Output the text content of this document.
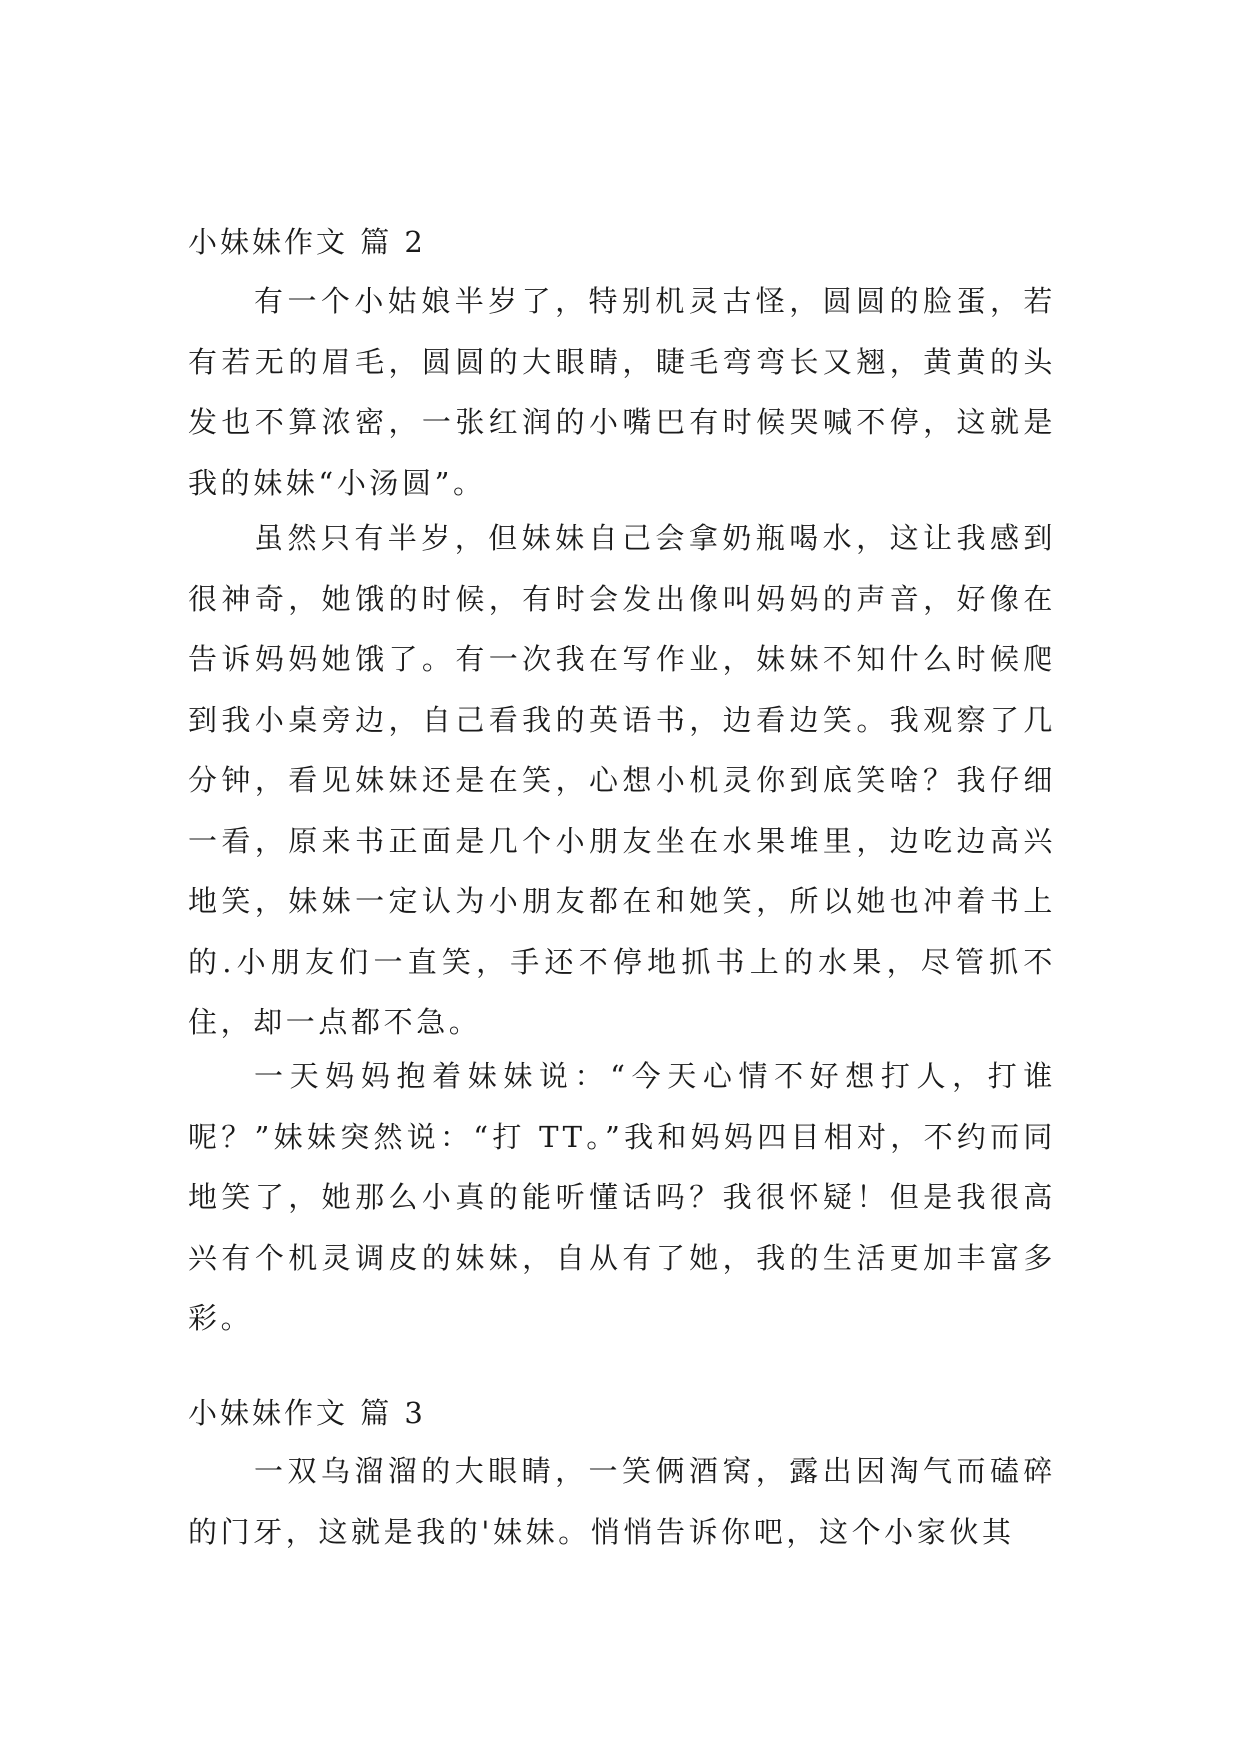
小妹妹作文 篇 2

有一个小姑娘半岁了，特别机灵古怪，圆圆的脸蛋，若有若无的眉毛，圆圆的大眼睛，睫毛弯弯长又翘，黄黄的头发也不算浓密，一张红润的小嘴巴有时候哭喊不停，这就是我的妹妹“小汤圆”。

虽然只有半岁，但妹妹自己会拿奶瓶喝水，这让我感到很神奇，她饿的时候，有时会发出像叫妈妈的声音，好像在告诉妈妈她饿了。有一次我在写作业，妹妹不知什么时候爬到我小桌旁边，自己看我的英语书，边看边笑。我观察了几分钟，看见妹妹还是在笑，心想小机灵你到底笑啥？我仔细一看，原来书正面是几个小朋友坐在水果堆里，边吃边高兴地笑，妹妹一定认为小朋友都在和她笑，所以她也冲着书上的.小朋友们一直笑，手还不停地抓书上的水果，尽管抓不住，却一点都不急。

一天妈妈抱着妹妹说：“今天心情不好想打人，打谁呢？”妹妹突然说：“打 TT。”我和妈妈四目相对，不约而同地笑了，她那么小真的能听懂话吗？我很怀疑！但是我很高兴有个机灵调皮的妹妹，自从有了她，我的生活更加丰富多彩。

小妹妹作文 篇 3

一双乌溜溜的大眼睛，一笑俩酒窝，露出因淘气而磕碎的门牙，这就是我的'妹妹。悄悄告诉你吧，这个小家伙其
